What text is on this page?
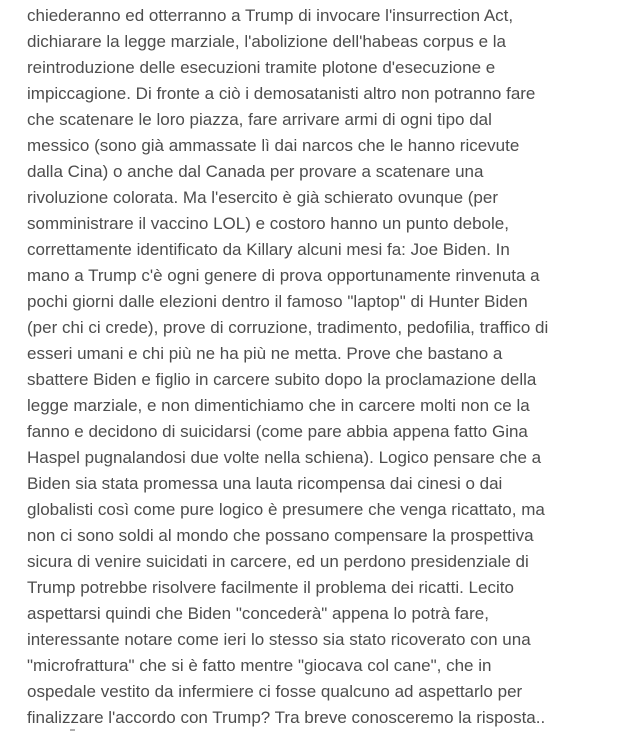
chiederanno ed otterranno a Trump di invocare l'insurrection Act,
dichiarare la legge marziale, l'abolizione dell'habeas corpus e la
reintroduzione delle esecuzioni tramite plotone d'esecuzione e
impiccagione. Di fronte a ciò i demosatanisti altro non potranno fare
che scatenare le loro piazza, fare arrivare armi di ogni tipo dal
messico (sono già ammassate lì dai narcos che le hanno ricevute
dalla Cina) o anche dal Canada per provare a scatenare una
rivoluzione colorata. Ma l'esercito è già schierato ovunque (per
somministrare il vaccino LOL) e costoro hanno un punto debole,
correttamente identificato da Killary alcuni mesi fa: Joe Biden. In
mano a Trump c'è ogni genere di prova opportunamente rinvenuta a
pochi giorni dalle elezioni dentro il famoso "laptop" di Hunter Biden
(per chi ci crede), prove di corruzione, tradimento, pedofilia, traffico di
esseri umani e chi più ne ha più ne metta. Prove che bastano a
sbattere Biden e figlio in carcere subito dopo la proclamazione della
legge marziale, e non dimentichiamo che in carcere molti non ce la
fanno e decidono di suicidarsi (come pare abbia appena fatto Gina
Haspel pugnalandosi due volte nella schiena). Logico pensare che a
Biden sia stata promessa una lauta ricompensa dai cinesi o dai
globalisti così come pure logico è presumere che venga ricattato, ma
non ci sono soldi al mondo che possano compensare la prospettiva
sicura di venire suicidati in carcere, ed un perdono presidenziale di
Trump potrebbe risolvere facilmente il problema dei ricatti. Lecito
aspettarsi quindi che Biden "concederà" appena lo potrà fare,
interessante notare come ieri lo stesso sia stato ricoverato con una
"microfrattura" che si è fatto mentre "giocava col cane", che in
ospedale vestito da infermiere ci fosse qualcuno ad aspettarlo per
finalizzare l'accordo con Trump? Tra breve conosceremo la risposta..
